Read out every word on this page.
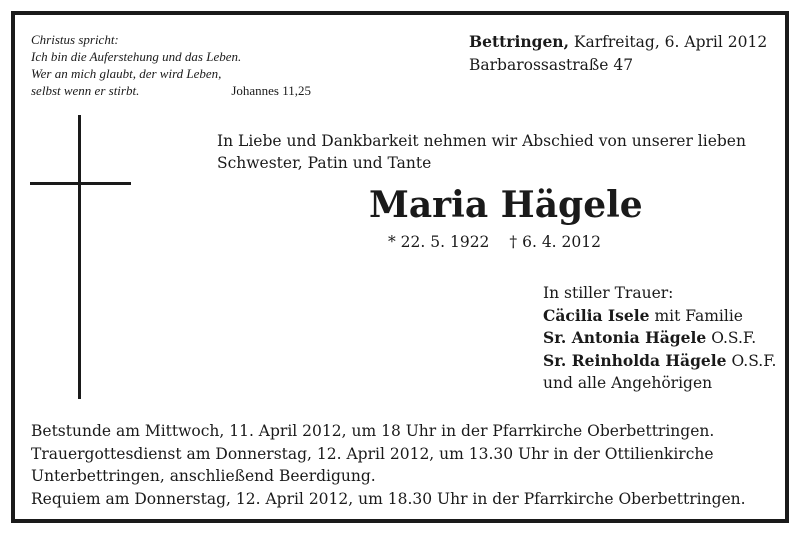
Christus spricht:
Ich bin die Auferstehung und das Leben.
Wer an mich glaubt, der wird Leben,
selbst wenn er stirbt.	Johannes 11,25
Bettringen, Karfreitag, 6. April 2012
Barbarossastraße 47
In Liebe und Dankbarkeit nehmen wir Abschied von unserer lieben Schwester, Patin und Tante
Maria Hägele
* 22. 5. 1922 † 6. 4. 2012
In stiller Trauer:
Cäcilia Isele mit Familie
Sr. Antonia Hägele O.S.F.
Sr. Reinholda Hägele O.S.F.
und alle Angehörigen
Betstunde am Mittwoch, 11. April 2012, um 18 Uhr in der Pfarrkirche Oberbettringen.
Trauergottesdienst am Donnerstag, 12. April 2012, um 13.30 Uhr in der Ottilienkirche
Unterbettringen, anschließend Beerdigung.
Requiem am Donnerstag, 12. April 2012, um 18.30 Uhr in der Pfarrkirche Oberbettringen.
